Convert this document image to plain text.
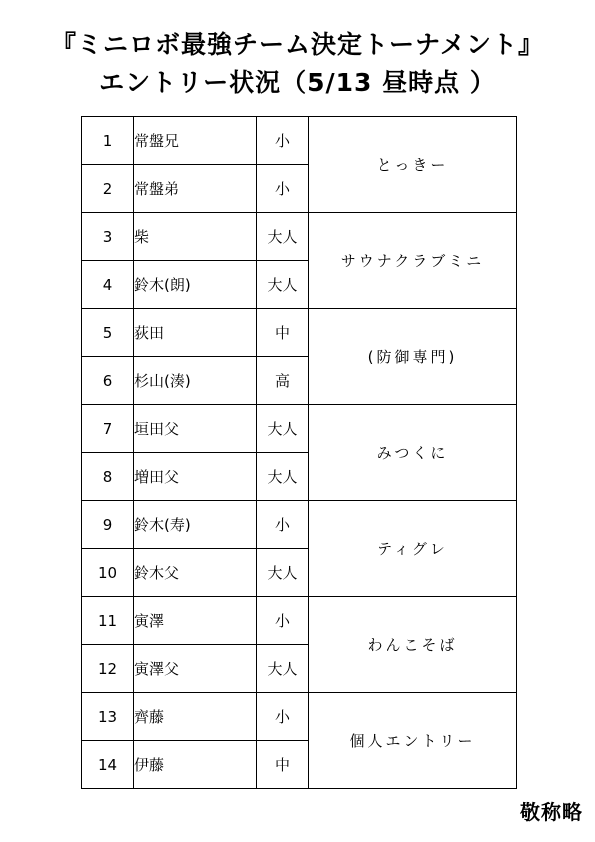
『ミニロボ最強チーム決定トーナメント』
エントリー状況（5/13 昼時点 ）
1	常盤兄	小	とっきー
2	常盤弟	小	
3	柴	大人	サウナクラブミニ
4	鈴木(朗)	大人	
5	荻田	中	(防御専門)
6	杉山(湊)	高	
7	垣田父	大人	みつくに
8	増田父	大人	
9	鈴木(寿)	小	ティグレ
10	鈴木父	大人	
11	寅澤	小	わんこそば
12	寅澤父	大人	
13	齊藤	小	個人エントリー
14	伊藤	中	
敬称略
